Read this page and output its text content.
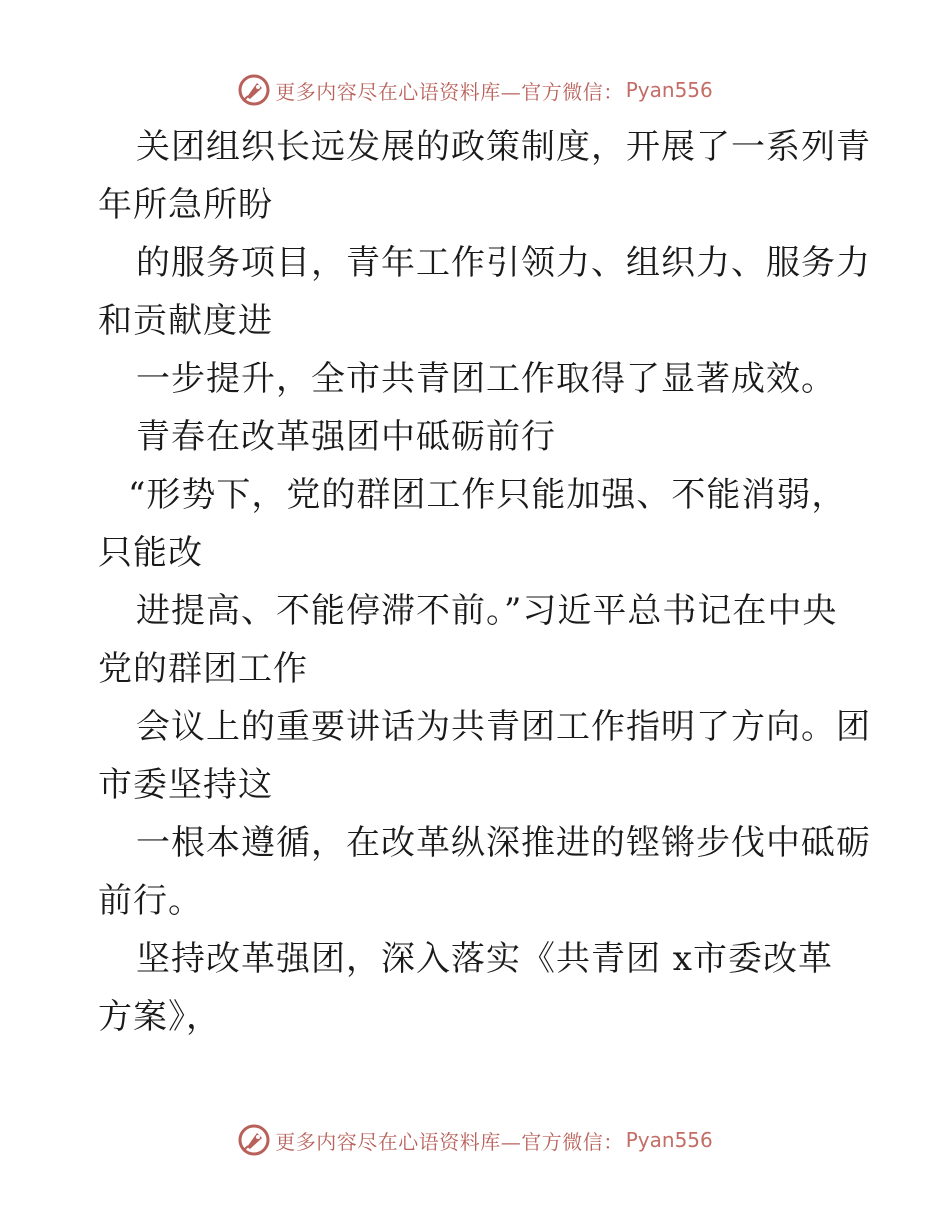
更多内容尽在心语资料库—官方微信： Pyan556
关团组织长远发展的政策制度，开展了一系列青
年所急所盼
的服务项目，青年工作引领力、组织力、服务力
和贡献度进
一步提升，全市共青团工作取得了显著成效。
青春在改革强团中砥砺前行
“形势下，党的群团工作只能加强、不能消弱，
只能改
进提高、不能停滞不前。”习近平总书记在中央
党的群团工作
会议上的重要讲话为共青团工作指明了方向。团
市委坚持这
一根本遵循，在改革纵深推进的铿锵步伐中砥砺
前行。
坚持改革强团，深入落实《共青团 x市委改革
方案》，
更多内容尽在心语资料库—官方微信： Pyan556
